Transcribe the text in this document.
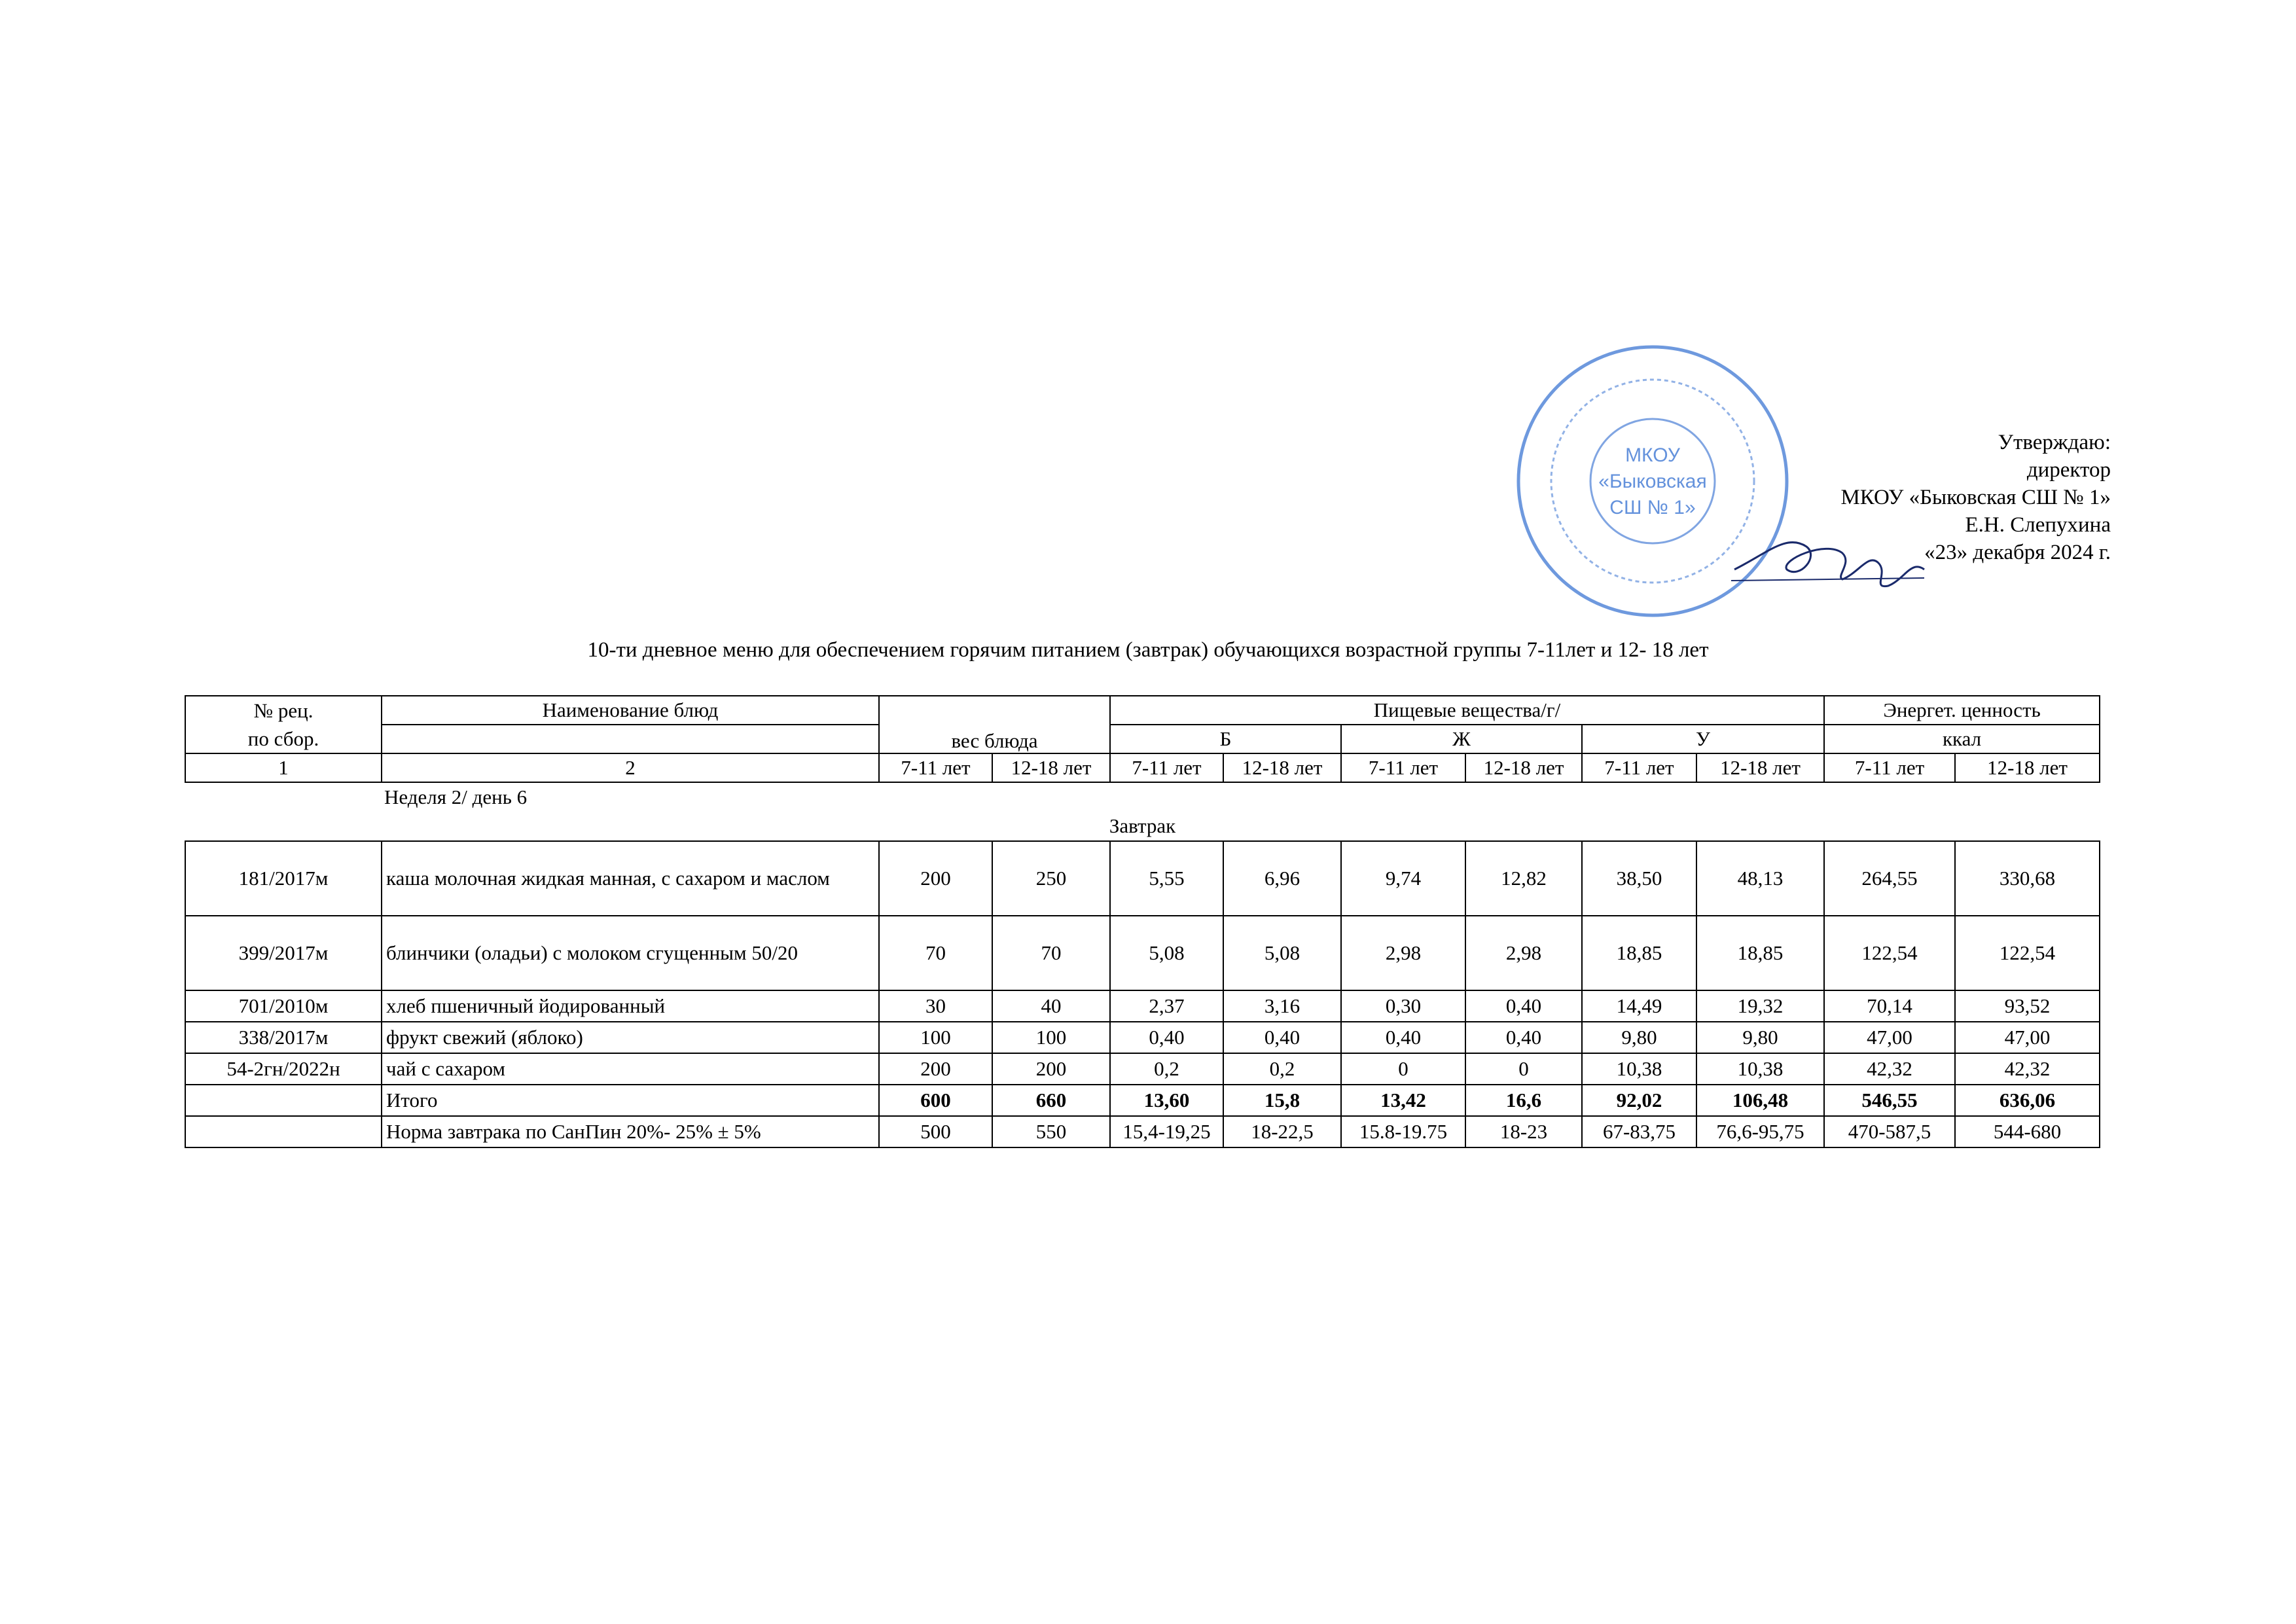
МКОУ
«Быковская
СШ № 1»
Утверждаю:
директор
МКОУ «Быковская СШ № 1»
Е.Н. Слепухина
«23» декабря 2024 г.
10-ти дневное меню для обеспечением горячим питанием (завтрак) обучающихся возрастной группы 7-11лет и 12- 18 лет
№ рец.	Наименование блюд			Пищевые вещества/г/						Энергет. ценность	
по сбор.		вес блюда		Б		Ж		У		ккал	
1	2	7-11 лет	12-18 лет	7-11 лет	12-18 лет	7-11 лет	12-18 лет	7-11 лет	12-18 лет	7-11 лет	12-18 лет
	Неделя 2/ день 6										
Завтрак											
181/2017м	каша молочная жидкая манная, с сахаром и маслом	200	250	5,55	6,96	9,74	12,82	38,50	48,13	264,55	330,68
399/2017м	блинчики (оладьи) с молоком сгущенным 50/20	70	70	5,08	5,08	2,98	2,98	18,85	18,85	122,54	122,54
701/2010м	хлеб пшеничный йодированный	30	40	2,37	3,16	0,30	0,40	14,49	19,32	70,14	93,52
338/2017м	фрукт свежий (яблоко)	100	100	0,40	0,40	0,40	0,40	9,80	9,80	47,00	47,00
54-2гн/2022н	чай с сахаром	200	200	0,2	0,2	0	0	10,38	10,38	42,32	42,32
	Итого	600	660	13,60	15,8	13,42	16,6	92,02	106,48	546,55	636,06
	Норма завтрака по СанПин 20%- 25% ± 5%	500	550	15,4-19,25	18-22,5	15.8-19.75	18-23	67-83,75	76,6-95,75	470-587,5	544-680
